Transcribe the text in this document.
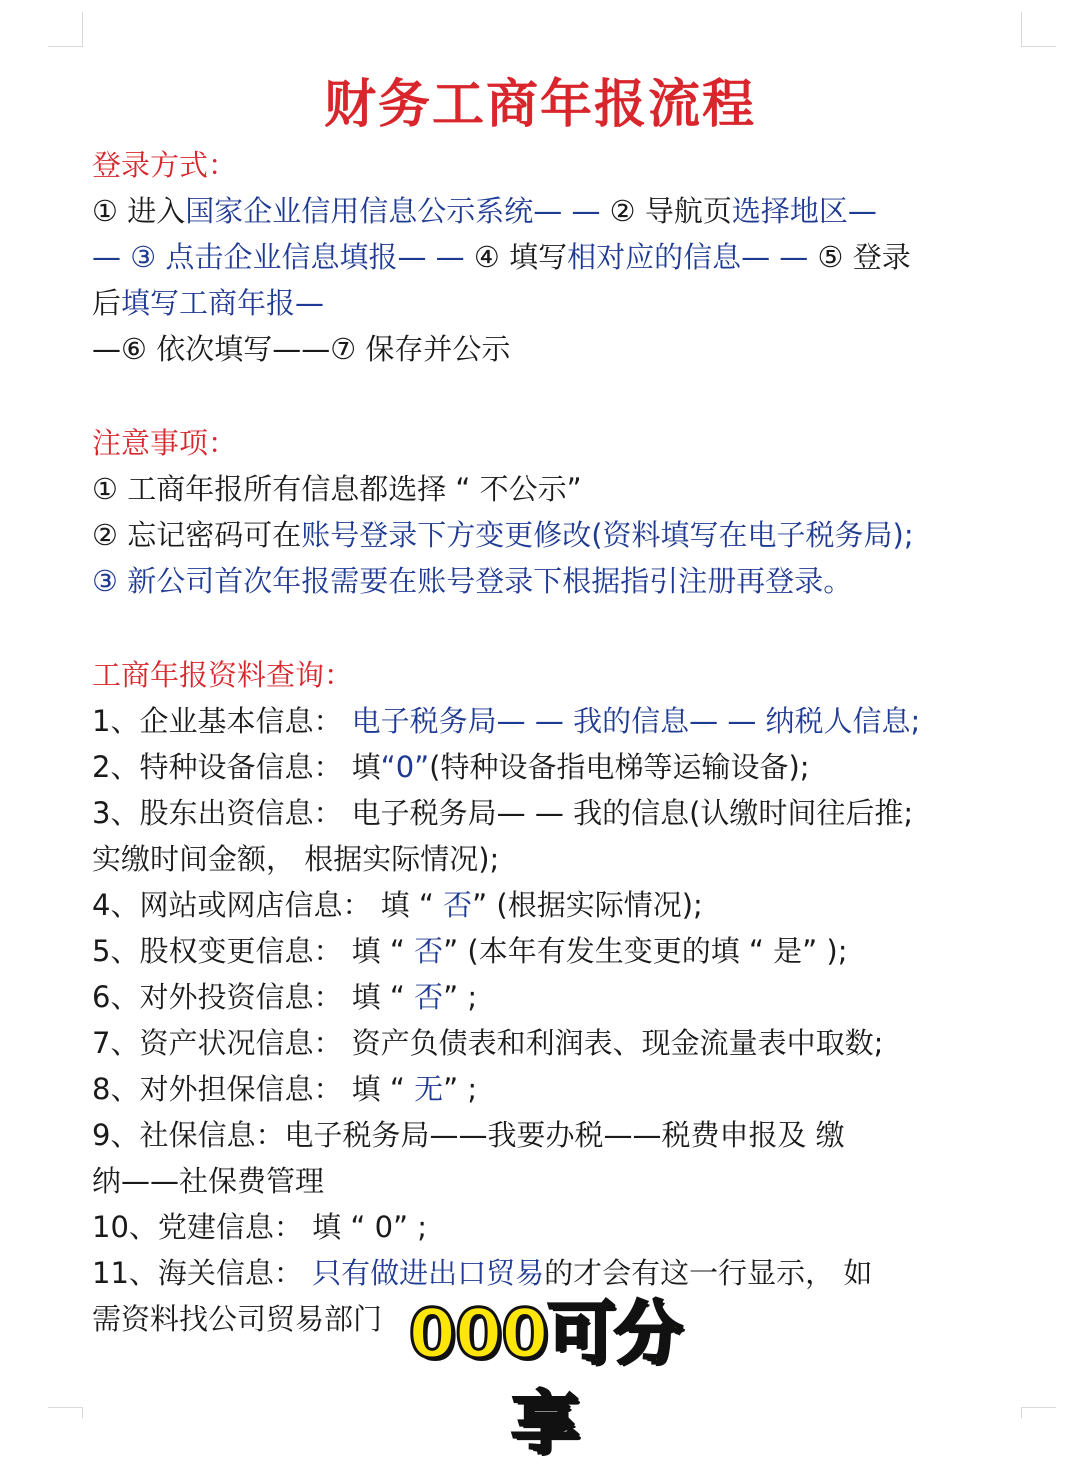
财务工商年报流程
登录方式：
① 进入国家企业信用信息公示系统— — ② 导航页选择地区—
— ③ 点击企业信息填报— — ④ 填写相对应的信息— — ⑤ 登录
后填写工商年报—
—⑥ 依次填写——⑦ 保存并公示
注意事项：
① 工商年报所有信息都选择 “ 不公示”
② 忘记密码可在账号登录下方变更修改(资料填写在电子税务局);
③ 新公司首次年报需要在账号登录下根据指引注册再登录。
工商年报资料查询：
1、企业基本信息： 电子税务局— — 我的信息— — 纳税人信息;
2、特种设备信息： 填“0”(特种设备指电梯等运输设备);
3、股东出资信息： 电子税务局— — 我的信息(认缴时间往后推;
实缴时间金额， 根据实际情况);
4、网站或网店信息： 填 “ 否” (根据实际情况);
5、股权变更信息： 填 “ 否” (本年有发生变更的填 “ 是” );
6、对外投资信息： 填 “ 否” ;
7、资产状况信息： 资产负债表和利润表、现金流量表中取数;
8、对外担保信息： 填 “ 无” ;
9、社保信息：电子税务局——我要办税——税费申报及 缴
纳——社保费管理
10、党建信息： 填 “ 0” ;
11、海关信息： 只有做进出口贸易的才会有这一行显示， 如
需资料找公司贸易部门 000可分享
